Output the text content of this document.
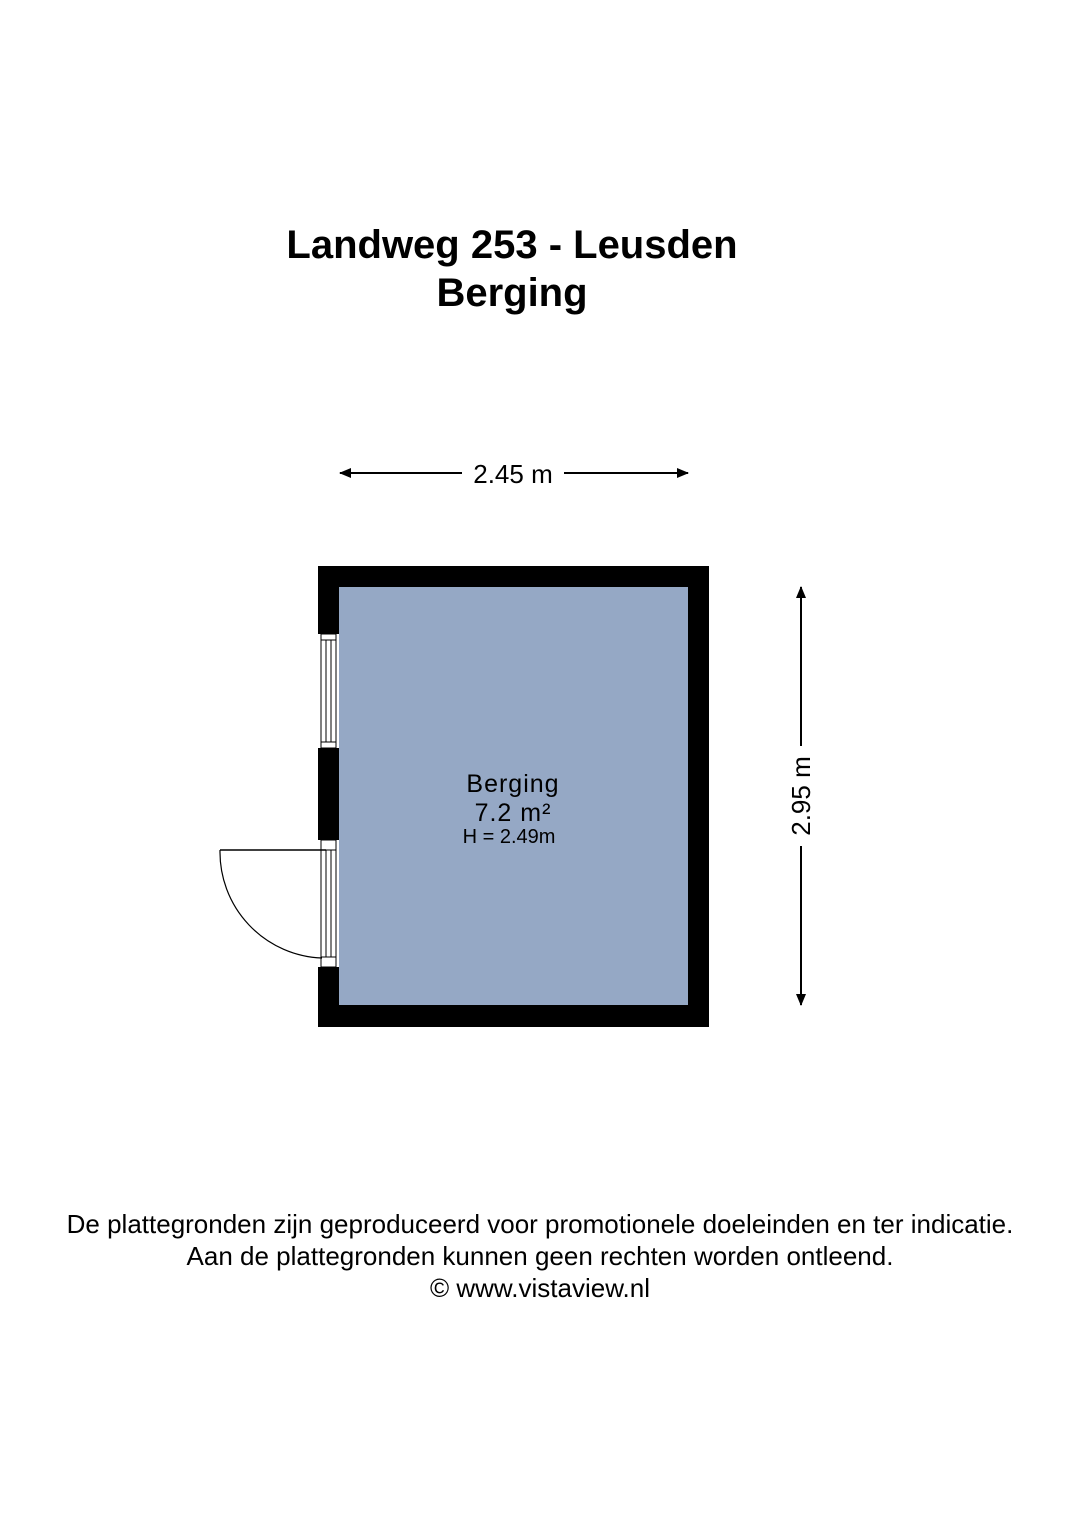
Landweg 253 - Leusden
Berging
2.45 m
2.95 m
Berging
7.2 m²
H = 2.49m
De plattegronden zijn geproduceerd voor promotionele doeleinden en ter indicatie.
Aan de plattegronden kunnen geen rechten worden ontleend.
© www.vistaview.nl
